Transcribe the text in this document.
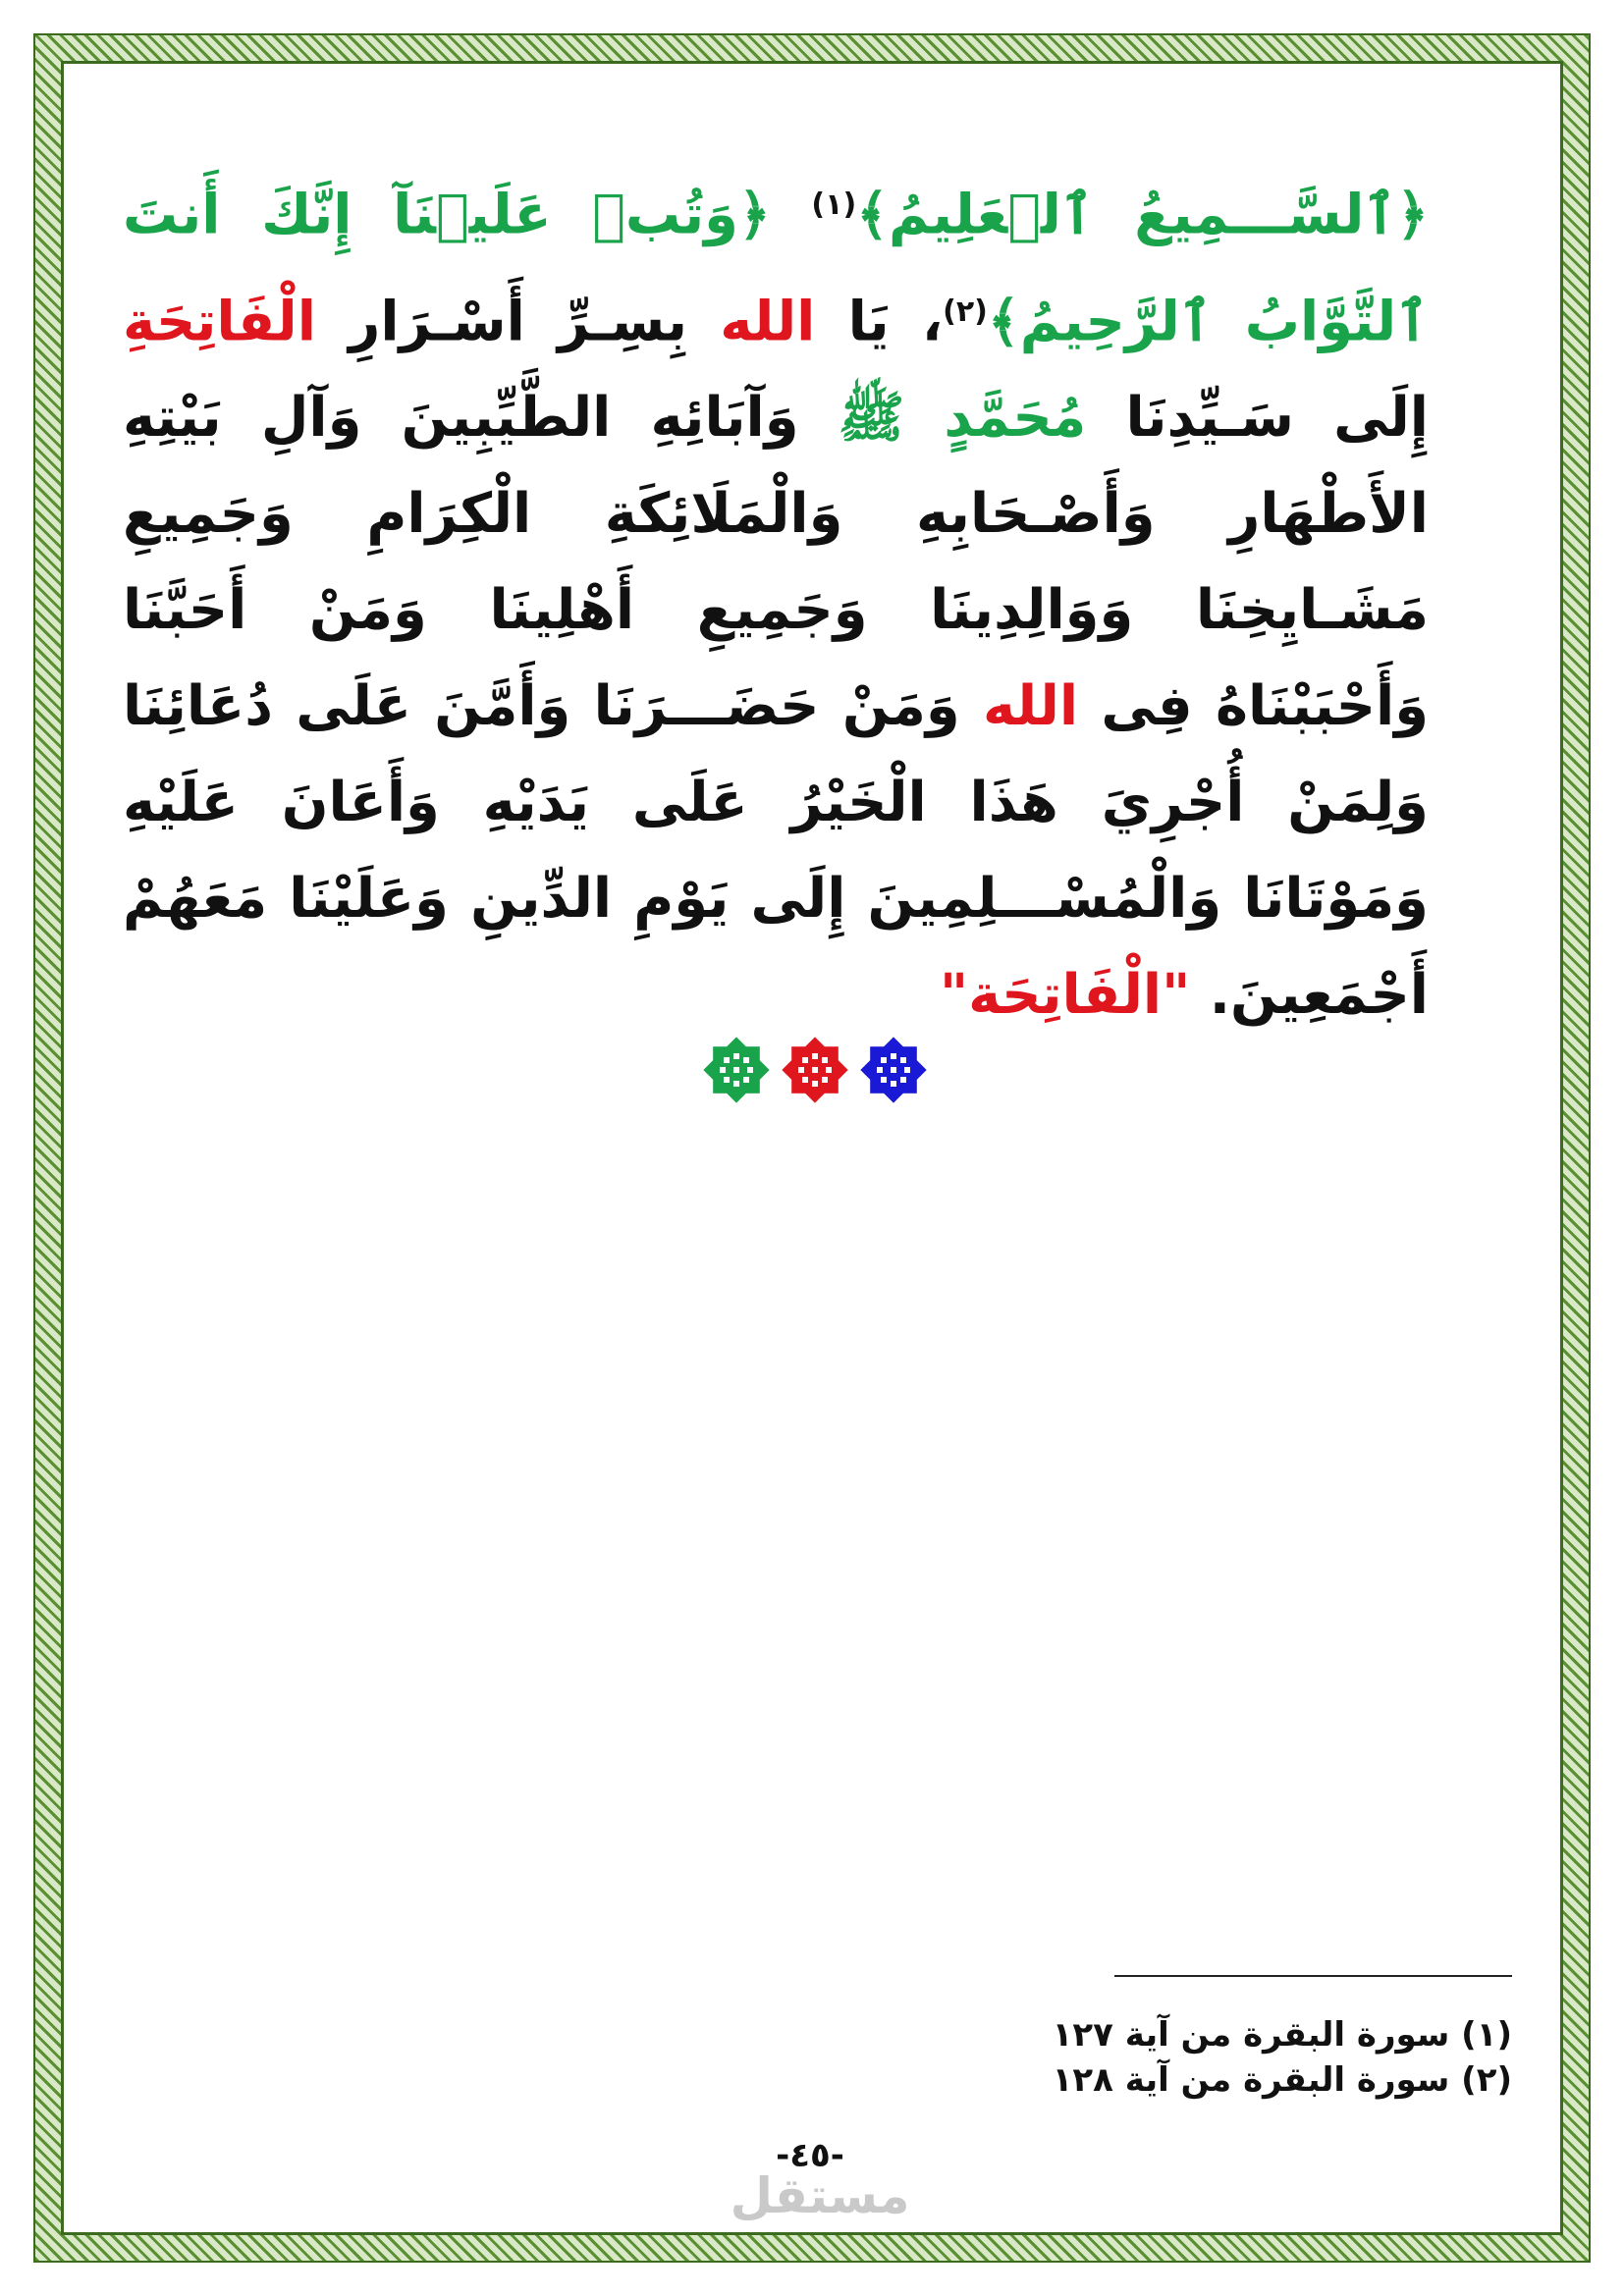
﴿ٱلسَّـــمِيعُ ٱلۡعَلِيمُ﴾$^{(١)}$ ﴿وَتُبۡ عَلَيۡنَآ إِنَّكَ أَنتَ ٱلتَّوَّابُ ٱلرَّحِيمُ﴾$^{(٢)}$، يَا الله بِسِـرِّ أَسْـرَارِ الْفَاتِحَةِ إِلَى سَـيِّدِنَا مُحَمَّدٍ ﷺ وَآبَائِهِ الطَّيِّبِينَ وَآلِ بَيْتِهِ الأَطْهَارِ وَأَصْـحَابِهِ وَالْمَلَائِكَةِ الْكِرَامِ وَجَمِيعِ مَشَـايِخِنَا وَوَالِدِينَا وَجَمِيعِ أَهْلِينَا وَمَنْ أَحَبَّنَا وَأَحْبَبْنَاهُ فِى الله وَمَنْ حَضَـــرَنَا وَأَمَّنَ عَلَى دُعَائِنَا وَلِمَنْ أُجْرِيَ هَذَا الْخَيْرُ عَلَى يَدَيْهِ وَأَعَانَ عَلَيْهِ وَمَوْتَانَا وَالْمُسْـــلِمِينَ إِلَى يَوْمِ الدِّينِ وَعَلَيْنَا مَعَهُمْ أَجْمَعِينَ. "الْفَاتِحَة"
(١) سورة البقرة من آية ١٢٧
(٢) سورة البقرة من آية ١٢٨
-٤٥-
مستقل
